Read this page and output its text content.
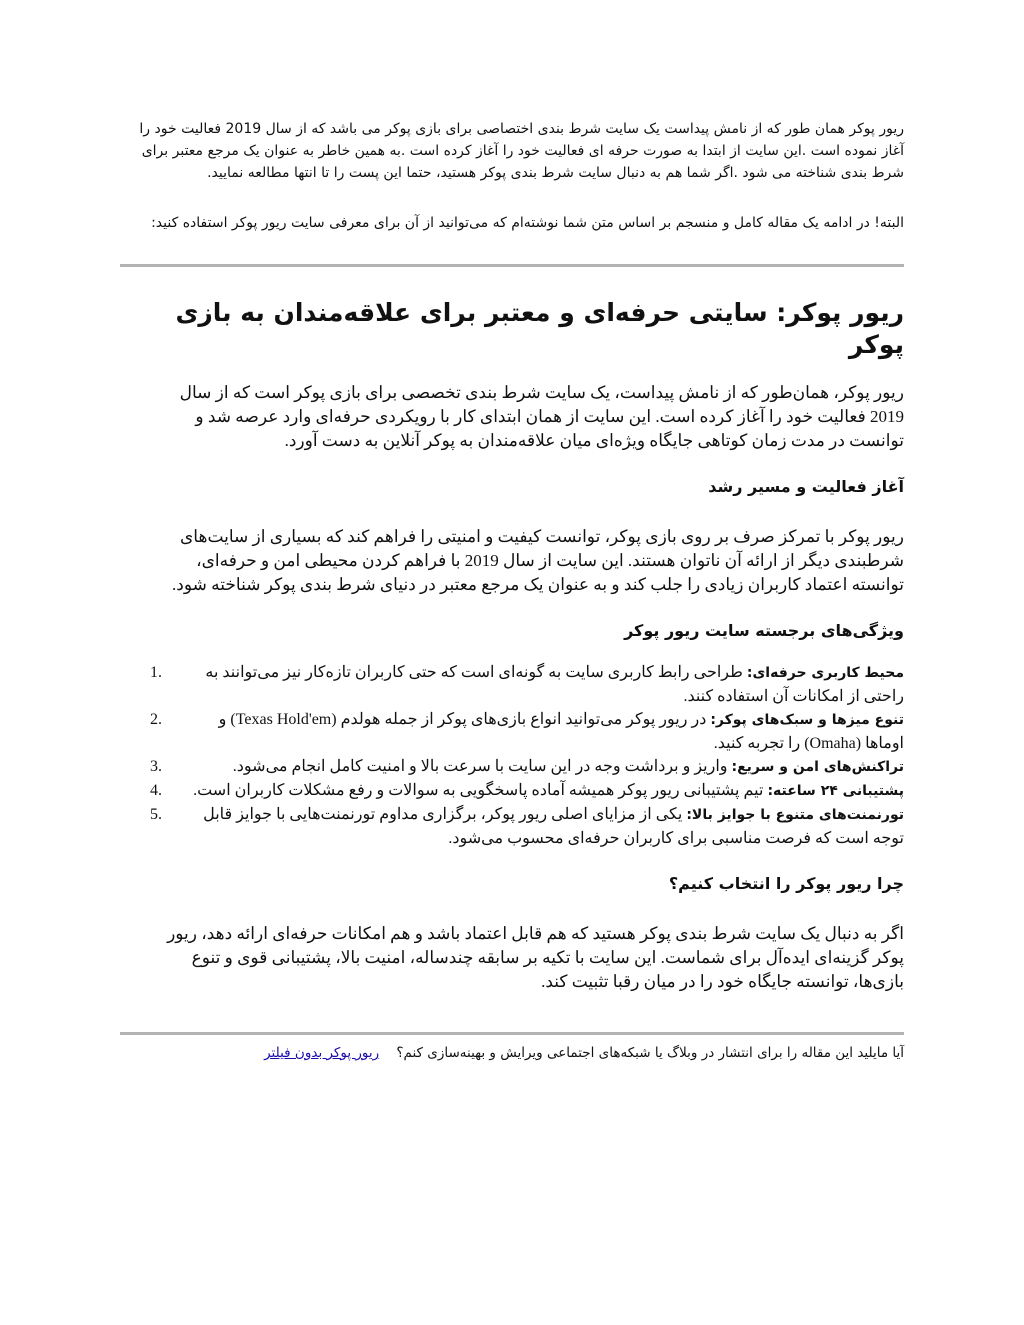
ریور پوکر همان طور که از نامش پیداست یک سایت شرط بندی اختصاصی برای بازی پوکر می باشد که از سال 2019 فعالیت خود را آغاز نموده است .این سایت از ابتدا به صورت حرفه ای فعالیت خود را آغاز کرده است .به همین خاطر به عنوان یک مرجع معتبر برای شرط بندی شناخته می شود .اگر شما هم به دنبال سایت شرط بندی پوکر هستید، حتما این پست را تا انتها مطالعه نمایید.

البته! در ادامه یک مقاله کامل و منسجم بر اساس متن شما نوشته‌ام که می‌توانید از آن برای معرفی سایت ریور پوکر استفاده کنید:

ریور پوکر: سایتی حرفه‌ای و معتبر برای علاقه‌مندان به بازی پوکر

ریور پوکر، همان‌طور که از نامش پیداست، یک سایت شرط بندی تخصصی برای بازی پوکر است که از سال 2019 فعالیت خود را آغاز کرده است. این سایت از همان ابتدای کار با رویکردی حرفه‌ای وارد عرصه شد و توانست در مدت زمان کوتاهی جایگاه ویژه‌ای میان علاقه‌مندان به پوکر آنلاین به دست آورد.

آغاز فعالیت و مسیر رشد

ریور پوکر با تمرکز صرف بر روی بازی پوکر، توانست کیفیت و امنیتی را فراهم کند که بسیاری از سایت‌های شرطبندی دیگر از ارائه آن ناتوان هستند. این سایت از سال 2019 با فراهم کردن محیطی امن و حرفه‌ای، توانسته اعتماد کاربران زیادی را جلب کند و به عنوان یک مرجع معتبر در دنیای شرط بندی پوکر شناخته شود.

ویژگی‌های برجسته سایت ریور پوکر
1.	محیط کاربری حرفه‌ای: طراحی رابط کاربری سایت به گونه‌ای است که حتی کاربران تازه‌کار نیز می‌توانند به راحتی از امکانات آن استفاده کنند.
2.	تنوع میزها و سبک‌های پوکر: در ریور پوکر می‌توانید انواع بازی‌های پوکر از جمله هولدم (Texas Hold'em) و اوماها (Omaha) را تجربه کنید.
3.	تراکنش‌های امن و سریع: واریز و برداشت وجه در این سایت با سرعت بالا و امنیت کامل انجام می‌شود.
4.	پشتیبانی ۲۴ ساعته: تیم پشتیبانی ریور پوکر همیشه آماده پاسخگویی به سوالات و رفع مشکلات کاربران است.
5.	تورنمنت‌های متنوع با جوایز بالا: یکی از مزایای اصلی ریور پوکر، برگزاری مداوم تورنمنت‌هایی با جوایز قابل توجه است که فرصت مناسبی برای کاربران حرفه‌ای محسوب می‌شود.
چرا ریور پوکر را انتخاب کنیم؟

اگر به دنبال یک سایت شرط بندی پوکر هستید که هم قابل اعتماد باشد و هم امکانات حرفه‌ای ارائه دهد، ریور پوکر گزینه‌ای ایده‌آل برای شماست. این سایت با تکیه بر سابقه چندساله، امنیت بالا، پشتیبانی قوی و تنوع بازی‌ها، توانسته جایگاه خود را در میان رقبا تثبیت کند.

آیا مایلید این مقاله را برای انتشار در وبلاگ یا شبکه‌های اجتماعی ویرایش و بهینه‌سازی کنم؟    ریور پوکر بدون فیلتر
